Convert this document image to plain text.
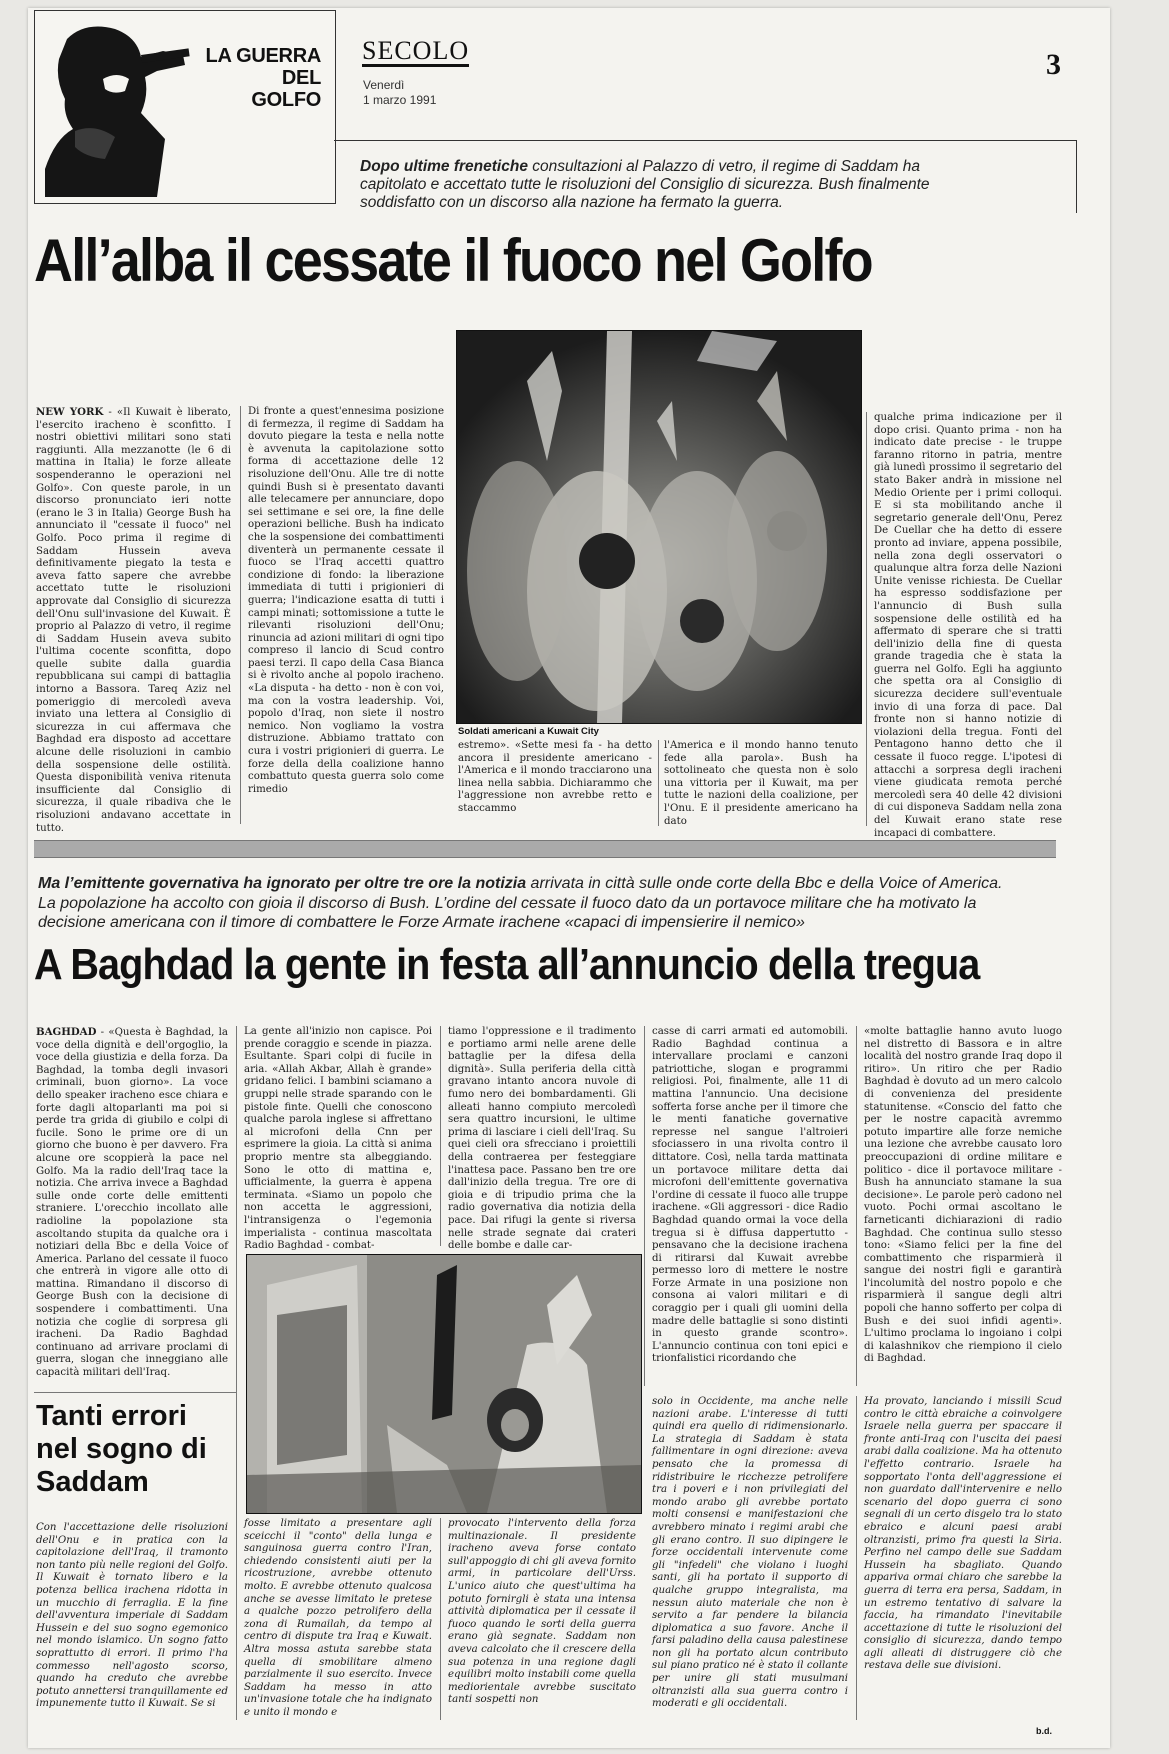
LA GUERRA
DEL
GOLFO
SECOLO
Venerdì
1 marzo 1991
3
Dopo ultime frenetiche consultazioni al Palazzo di vetro, il regime di Saddam ha capitolato e accettato tutte le risoluzioni del Consiglio di sicurezza. Bush finalmente soddisfatto con un discorso alla nazione ha fermato la guerra.
All’alba il cessate il fuoco nel Golfo
NEW YORK - «Il Kuwait è liberato, l'esercito iracheno è sconfitto. I nostri obiettivi militari sono stati raggiunti. Alla mezzanotte (le 6 di mattina in Italia) le forze alleate sospenderanno le operazioni nel Golfo». Con queste parole, in un discorso pronunciato ieri notte (erano le 3 in Italia) George Bush ha annunciato il "cessate il fuoco" nel Golfo. Poco prima il regime di Saddam Hussein aveva definitivamente piegato la testa e aveva fatto sapere che avrebbe accettato tutte le risoluzioni approvate dal Consiglio di sicurezza dell'Onu sull'invasione del Kuwait. È proprio al Palazzo di vetro, il regime di Saddam Husein aveva subito l'ultima cocente sconfitta, dopo quelle subite dalla guardia repubblicana sui campi di battaglia intorno a Bassora. Tareq Aziz nel pomeriggio di mercoledì aveva inviato una lettera al Consiglio di sicurezza in cui affermava che Baghdad era disposto ad accettare alcune delle risoluzioni in cambio della sospensione delle ostilità. Questa disponibilità veniva ritenuta insufficiente dal Consiglio di sicurezza, il quale ribadiva che le risoluzioni andavano accettate in tutto.
Di fronte a quest'ennesima posizione di fermezza, il regime di Saddam ha dovuto piegare la testa e nella notte è avvenuta la capitolazione sotto forma di accettazione delle 12 risoluzione dell'Onu. Alle tre di notte quindi Bush si è presentato davanti alle telecamere per annunciare, dopo sei settimane e sei ore, la fine delle operazioni belliche. Bush ha indicato che la sospensione dei combattimenti diventerà un permanente cessate il fuoco se l'Iraq accetti quattro condizione di fondo: la liberazione immediata di tutti i prigionieri di guerra; l'indicazione esatta di tutti i campi minati; sottomissione a tutte le rilevanti risoluzioni dell'Onu; rinuncia ad azioni militari di ogni tipo compreso il lancio di Scud contro paesi terzi. Il capo della Casa Bianca si è rivolto anche al popolo iracheno. «La disputa - ha detto - non è con voi, ma con la vostra leadership. Voi, popolo d'Iraq, non siete il nostro nemico. Non vogliamo la vostra distruzione. Abbiamo trattato con cura i vostri prigionieri di guerra. Le forze della della coalizione hanno combattuto questa guerra solo come rimedio
Soldati americani a Kuwait City
estremo». «Sette mesi fa - ha detto ancora il presidente americano - l'America e il mondo tracciarono una linea nella sabbia. Dichiarammo che l'aggressione non avrebbe retto e staccammo
l'America e il mondo hanno tenuto fede alla parola». Bush ha sottolineato che questa non è solo una vittoria per il Kuwait, ma per tutte le nazioni della coalizione, per l'Onu. E il presidente americano ha dato
qualche prima indicazione per il dopo crisi. Quanto prima - non ha indicato date precise - le truppe faranno ritorno in patria, mentre già lunedì prossimo il segretario del stato Baker andrà in missione nel Medio Oriente per i primi colloqui. E si sta mobilitando anche il segretario generale dell'Onu, Perez De Cuellar che ha detto di essere pronto ad inviare, appena possibile, nella zona degli osservatori o qualunque altra forza delle Nazioni Unite venisse richiesta. De Cuellar ha espresso soddisfazione per l'annuncio di Bush sulla sospensione delle ostilità ed ha affermato di sperare che si tratti dell'inizio della fine di questa grande tragedia che è stata la guerra nel Golfo. Egli ha aggiunto che spetta ora al Consiglio di sicurezza decidere sull'eventuale invio di una forza di pace. Dal fronte non si hanno notizie di violazioni della tregua. Fonti del Pentagono hanno detto che il cessate il fuoco regge. L'ipotesi di attacchi a sorpresa degli iracheni viene giudicata remota perché mercoledì sera 40 delle 42 divisioni di cui disponeva Saddam nella zona del Kuwait erano state rese incapaci di combattere.
Ma l’emittente governativa ha ignorato per oltre tre ore la notizia arrivata in città sulle onde corte della Bbc e della Voice of America. La popolazione ha accolto con gioia il discorso di Bush. L’ordine del cessate il fuoco dato da un portavoce militare che ha motivato la decisione americana con il timore di combattere le Forze Armate irachene «capaci di impensierire il nemico»
A Baghdad la gente in festa all’annuncio della tregua
BAGHDAD - «Questa è Baghdad, la voce della dignità e dell'orgoglio, la voce della giustizia e della forza. Da Baghdad, la tomba degli invasori criminali, buon giorno». La voce dello speaker iracheno esce chiara e forte dagli altoparlanti ma poi si perde tra grida di giubilo e colpi di fucile. Sono le prime ore di un giorno che buono è per davvero. Fra alcune ore scoppierà la pace nel Golfo. Ma la radio dell'Iraq tace la notizia. Che arriva invece a Baghdad sulle onde corte delle emittenti straniere. L'orecchio incollato alle radioline la popolazione sta ascoltando stupita da qualche ora i notiziari della Bbc e della Voice of America. Parlano del cessate il fuoco che entrerà in vigore alle otto di mattina. Rimandano il discorso di George Bush con la decisione di sospendere i combattimenti. Una notizia che coglie di sorpresa gli iracheni. Da Radio Baghdad continuano ad arrivare proclami di guerra, slogan che inneggiano alle capacità militari dell'Iraq.
La gente all'inizio non capisce. Poi prende coraggio e scende in piazza. Esultante. Spari colpi di fucile in aria. «Allah Akbar, Allah è grande» gridano felici. I bambini sciamano a gruppi nelle strade sparando con le pistole finte. Quelli che conoscono qualche parola inglese si affrettano al microfoni della Cnn per esprimere la gioia. La città si anima proprio mentre sta albeggiando. Sono le otto di mattina e, ufficialmente, la guerra è appena terminata. «Siamo un popolo che non accetta le aggressioni, l'intransigenza o l'egemonia imperialista - continua mascoltata Radio Baghdad - combat-
tiamo l'oppressione e il tradimento e portiamo armi nelle arene delle battaglie per la difesa della dignità». Sulla periferia della città gravano intanto ancora nuvole di fumo nero dei bombardamenti. Gli alleati hanno compiuto mercoledì sera quattro incursioni, le ultime prima di lasciare i cieli dell'Iraq. Su quei cieli ora sfrecciano i proiettili della contraerea per festeggiare l'inattesa pace. Passano ben tre ore dall'inizio della tregua. Tre ore di gioia e di tripudio prima che la radio governativa dia notizia della pace. Dai rifugi la gente si riversa nelle strade segnate dai crateri delle bombe e dalle car-
casse di carri armati ed automobili. Radio Baghdad continua a intervallare proclami e canzoni patriottiche, slogan e programmi religiosi. Poi, finalmente, alle 11 di mattina l'annuncio. Una decisione sofferta forse anche per il timore che le menti fanatiche governative represse nel sangue l'altroieri sfociassero in una rivolta contro il dittatore. Così, nella tarda mattinata un portavoce militare detta dai microfoni dell'emittente governativa l'ordine di cessate il fuoco alle truppe irachene. «Gli aggressori - dice Radio Baghdad quando ormai la voce della tregua si è diffusa dappertutto - pensavano che la decisione irachena di ritirarsi dal Kuwait avrebbe permesso loro di mettere le nostre Forze Armate in una posizione non consona ai valori militari e di coraggio per i quali gli uomini della madre delle battaglie si sono distinti in questo grande scontro». L'annuncio continua con toni epici e trionfalistici ricordando che
«molte battaglie hanno avuto luogo nel distretto di Bassora e in altre località del nostro grande Iraq dopo il ritiro». Un ritiro che per Radio Baghdad è dovuto ad un mero calcolo di convenienza del presidente statunitense. «Conscio del fatto che per le nostre capacità avremmo potuto impartire alle forze nemiche una lezione che avrebbe causato loro preoccupazioni di ordine militare e politico - dice il portavoce militare - Bush ha annunciato stamane la sua decisione». Le parole però cadono nel vuoto. Pochi ormai ascoltano le farneticanti dichiarazioni di radio Baghdad. Che continua sullo stesso tono: «Siamo felici per la fine del combattimento che risparmierà il sangue dei nostri figli e garantirà l'incolumità del nostro popolo e che risparmierà il sangue degli altri popoli che hanno sofferto per colpa di Bush e dei suoi infidi agenti». L'ultimo proclama lo ingoiano i colpi di kalashnikov che riempiono il cielo di Baghdad.
Tanti errori nel sogno di Saddam
Con l'accettazione delle risoluzioni dell'Onu e in pratica con la capitolazione dell'Iraq, il tramonto non tanto più nelle regioni del Golfo. Il Kuwait è tornato libero e la potenza bellica irachena ridotta in un mucchio di ferraglia. E la fine dell'avventura imperiale di Saddam Hussein e del suo sogno egemonico nel mondo islamico. Un sogno fatto soprattutto di errori. Il primo l'ha commesso nell'agosto scorso, quando ha creduto che avrebbe potuto annettersi tranquillamente ed impunemente tutto il Kuwait. Se si
fosse limitato a presentare agli sceicchi il "conto" della lunga e sanguinosa guerra contro l'Iran, chiedendo consistenti aiuti per la ricostruzione, avrebbe ottenuto molto. E avrebbe ottenuto qualcosa anche se avesse limitato le pretese a qualche pozzo petrolifero della zona di Rumailah, da tempo al centro di dispute tra Iraq e Kuwait. Altra mossa astuta sarebbe stata quella di smobilitare almeno parzialmente il suo esercito. Invece Saddam ha messo in atto un'invasione totale che ha indignato e unito il mondo e
provocato l'intervento della forza multinazionale. Il presidente iracheno aveva forse contato sull'appoggio di chi gli aveva fornito armi, in particolare dell'Urss. L'unico aiuto che quest'ultima ha potuto fornirgli è stata una intensa attività diplomatica per il cessate il fuoco quando le sorti della guerra erano già segnate. Saddam non aveva calcolato che il crescere della sua potenza in una regione dagli equilibri molto instabili come quella mediorientale avrebbe suscitato tanti sospetti non
solo in Occidente, ma anche nelle nazioni arabe. L'interesse di tutti quindi era quello di ridimensionarlo. La strategia di Saddam è stata fallimentare in ogni direzione: aveva pensato che la promessa di ridistribuire le ricchezze petrolifere tra i poveri e i non privilegiati del mondo arabo gli avrebbe portato molti consensi e manifestazioni che avrebbero minato i regimi arabi che gli erano contro. Il suo dipingere le forze occidentali intervenute come gli "infedeli" che violano i luoghi santi, gli ha portato il supporto di qualche gruppo integralista, ma nessun aiuto materiale che non è servito a far pendere la bilancia diplomatica a suo favore. Anche il farsi paladino della causa palestinese non gli ha portato alcun contributo sul piano pratico né è stato il collante per unire gli stati musulmani oltranzisti alla sua guerra contro i moderati e gli occidentali.
Ha provato, lanciando i missili Scud contro le città ebraiche a coinvolgere Israele nella guerra per spaccare il fronte anti-Iraq con l'uscita dei paesi arabi dalla coalizione. Ma ha ottenuto l'effetto contrario. Israele ha sopportato l'onta dell'aggressione ei non guardato dall'intervenire e nello scenario del dopo guerra ci sono segnali di un certo disgelo tra lo stato ebraico e alcuni paesi arabi oltranzisti, primo fra questi la Siria. Perfino nel campo delle sue Saddam Hussein ha sbagliato. Quando appariva ormai chiaro che sarebbe la guerra di terra era persa, Saddam, in un estremo tentativo di salvare la faccia, ha rimandato l'inevitabile accettazione di tutte le risoluzioni del consiglio di sicurezza, dando tempo agli alleati di distruggere ciò che restava delle sue divisioni.
b.d.
